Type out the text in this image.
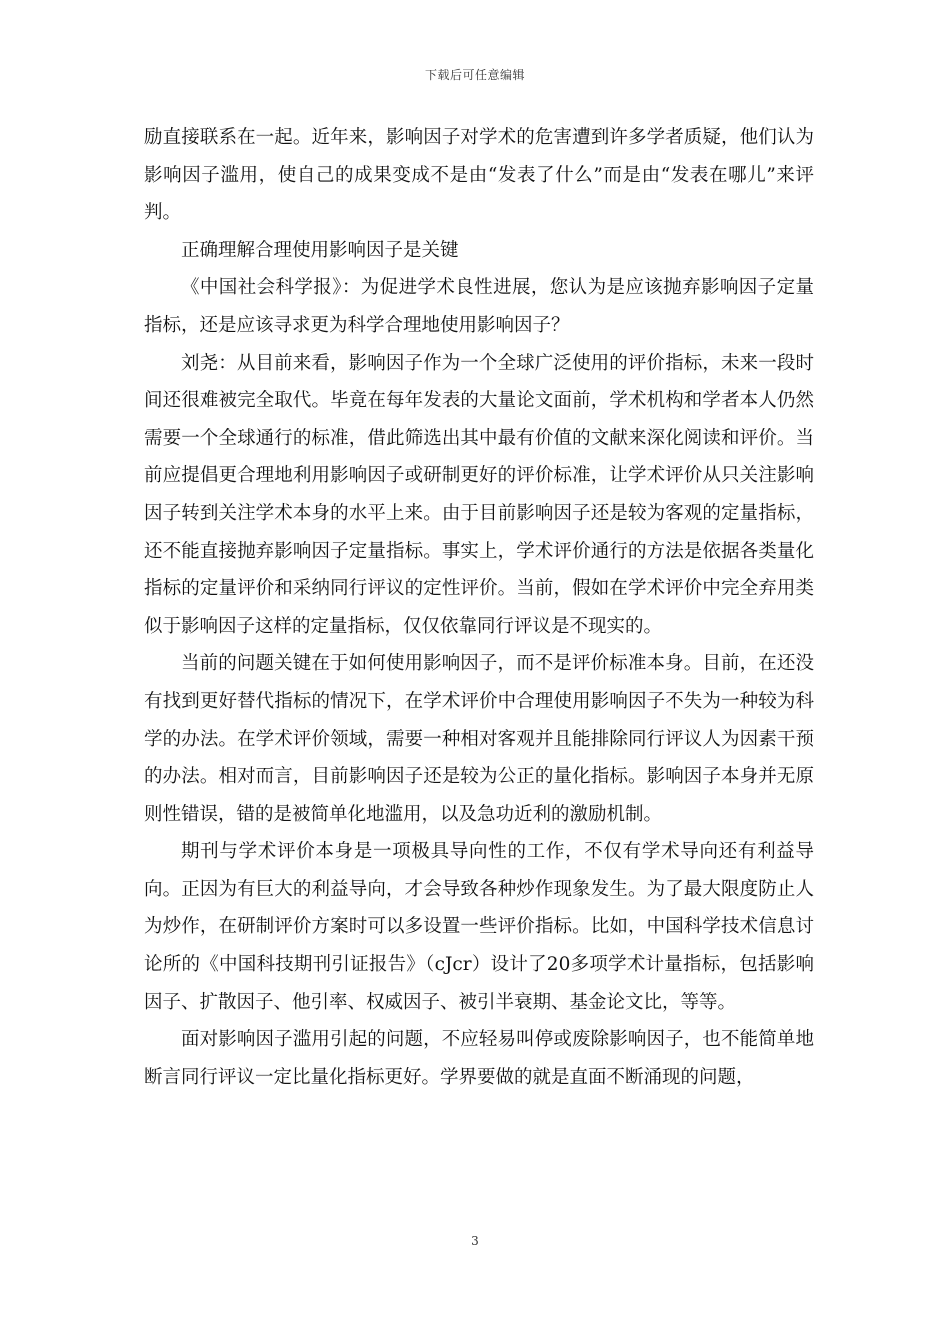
下载后可任意编辑

励直接联系在一起。近年来，影响因子对学术的危害遭到许多学者质疑，他们认为影响因子滥用，使自己的成果变成不是由“发表了什么”而是由“发表在哪儿”来评判。

正确理解合理使用影响因子是关键

《中国社会科学报》：为促进学术良性进展，您认为是应该抛弃影响因子定量指标，还是应该寻求更为科学合理地使用影响因子？

刘尧：从目前来看，影响因子作为一个全球广泛使用的评价指标，未来一段时间还很难被完全取代。毕竟在每年发表的大量论文面前，学术机构和学者本人仍然需要一个全球通行的标准，借此筛选出其中最有价值的文献来深化阅读和评价。当前应提倡更合理地利用影响因子或研制更好的评价标准，让学术评价从只关注影响因子转到关注学术本身的水平上来。由于目前影响因子还是较为客观的定量指标，还不能直接抛弃影响因子定量指标。事实上，学术评价通行的方法是依据各类量化指标的定量评价和采纳同行评议的定性评价。当前，假如在学术评价中完全弃用类似于影响因子这样的定量指标，仅仅依靠同行评议是不现实的。

当前的问题关键在于如何使用影响因子，而不是评价标准本身。目前，在还没有找到更好替代指标的情况下，在学术评价中合理使用影响因子不失为一种较为科学的办法。在学术评价领域，需要一种相对客观并且能排除同行评议人为因素干预的办法。相对而言，目前影响因子还是较为公正的量化指标。影响因子本身并无原则性错误，错的是被简单化地滥用，以及急功近利的激励机制。

期刊与学术评价本身是一项极具导向性的工作，不仅有学术导向还有利益导向。正因为有巨大的利益导向，才会导致各种炒作现象发生。为了最大限度防止人为炒作，在研制评价方案时可以多设置一些评价指标。比如，中国科学技术信息讨论所的《中国科技期刊引证报告》（cJcr）设计了20多项学术计量指标，包括影响因子、扩散因子、他引率、权威因子、被引半衰期、基金论文比，等等。

面对影响因子滥用引起的问题，不应轻易叫停或废除影响因子，也不能简单地断言同行评议一定比量化指标更好。学界要做的就是直面不断涌现的问题，

3
